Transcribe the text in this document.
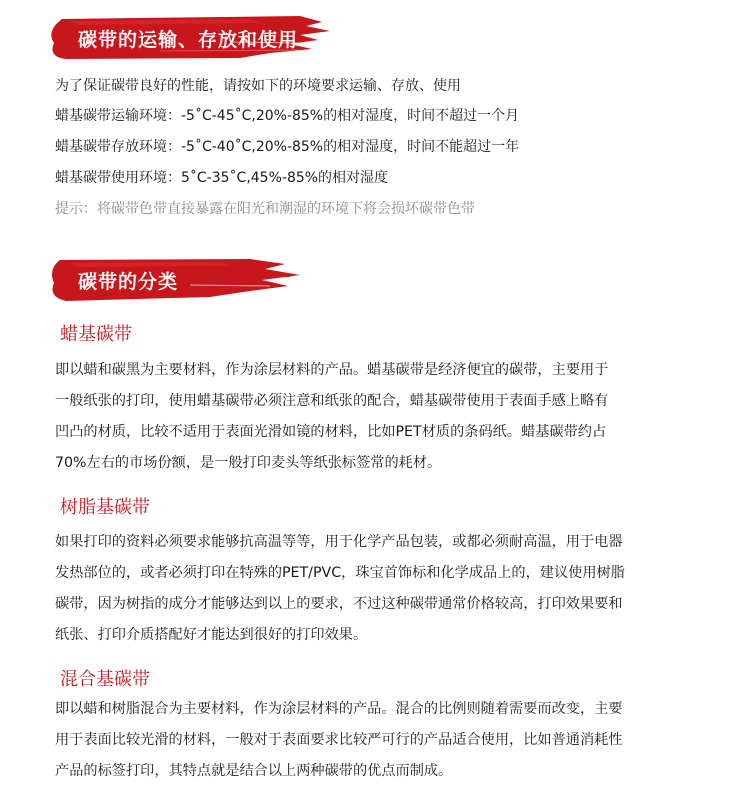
碳带的运输、存放和使用
为了保证碳带良好的性能，请按如下的环境要求运输、存放、使用
蜡基碳带运输环境：-5˚C-45˚C,20%-85%的相对湿度，时间不超过一个月
蜡基碳带存放环境：-5˚C-40˚C,20%-85%的相对湿度，时间不能超过一年
蜡基碳带使用环境：5˚C-35˚C,45%-85%的相对湿度
提示：将碳带色带直接暴露在阳光和潮湿的环境下将会损坏碳带色带
碳带的分类
蜡基碳带
即以蜡和碳黑为主要材料，作为涂层材料的产品。蜡基碳带是经济便宜的碳带，主要用于
一般纸张的打印，使用蜡基碳带必须注意和纸张的配合，蜡基碳带使用于表面手感上略有
凹凸的材质，比较不适用于表面光滑如镜的材料，比如PET材质的条码纸。蜡基碳带约占
70%左右的市场份额，是一般打印麦头等纸张标签常的耗材。
树脂基碳带
如果打印的资料必须要求能够抗高温等等，用于化学产品包装，或都必须耐高温，用于电器
发热部位的，或者必须打印在特殊的PET/PVC，珠宝首饰标和化学成品上的，建议使用树脂
碳带，因为树指的成分才能够达到以上的要求，不过这种碳带通常价格较高，打印效果要和
纸张、打印介质搭配好才能达到很好的打印效果。
混合基碳带
即以蜡和树脂混合为主要材料，作为涂层材料的产品。混合的比例则随着需要而改变，主要
用于表面比较光滑的材料，一般对于表面要求比较严可行的产品适合使用，比如普通消耗性
产品的标签打印，其特点就是结合以上两种碳带的优点而制成。
